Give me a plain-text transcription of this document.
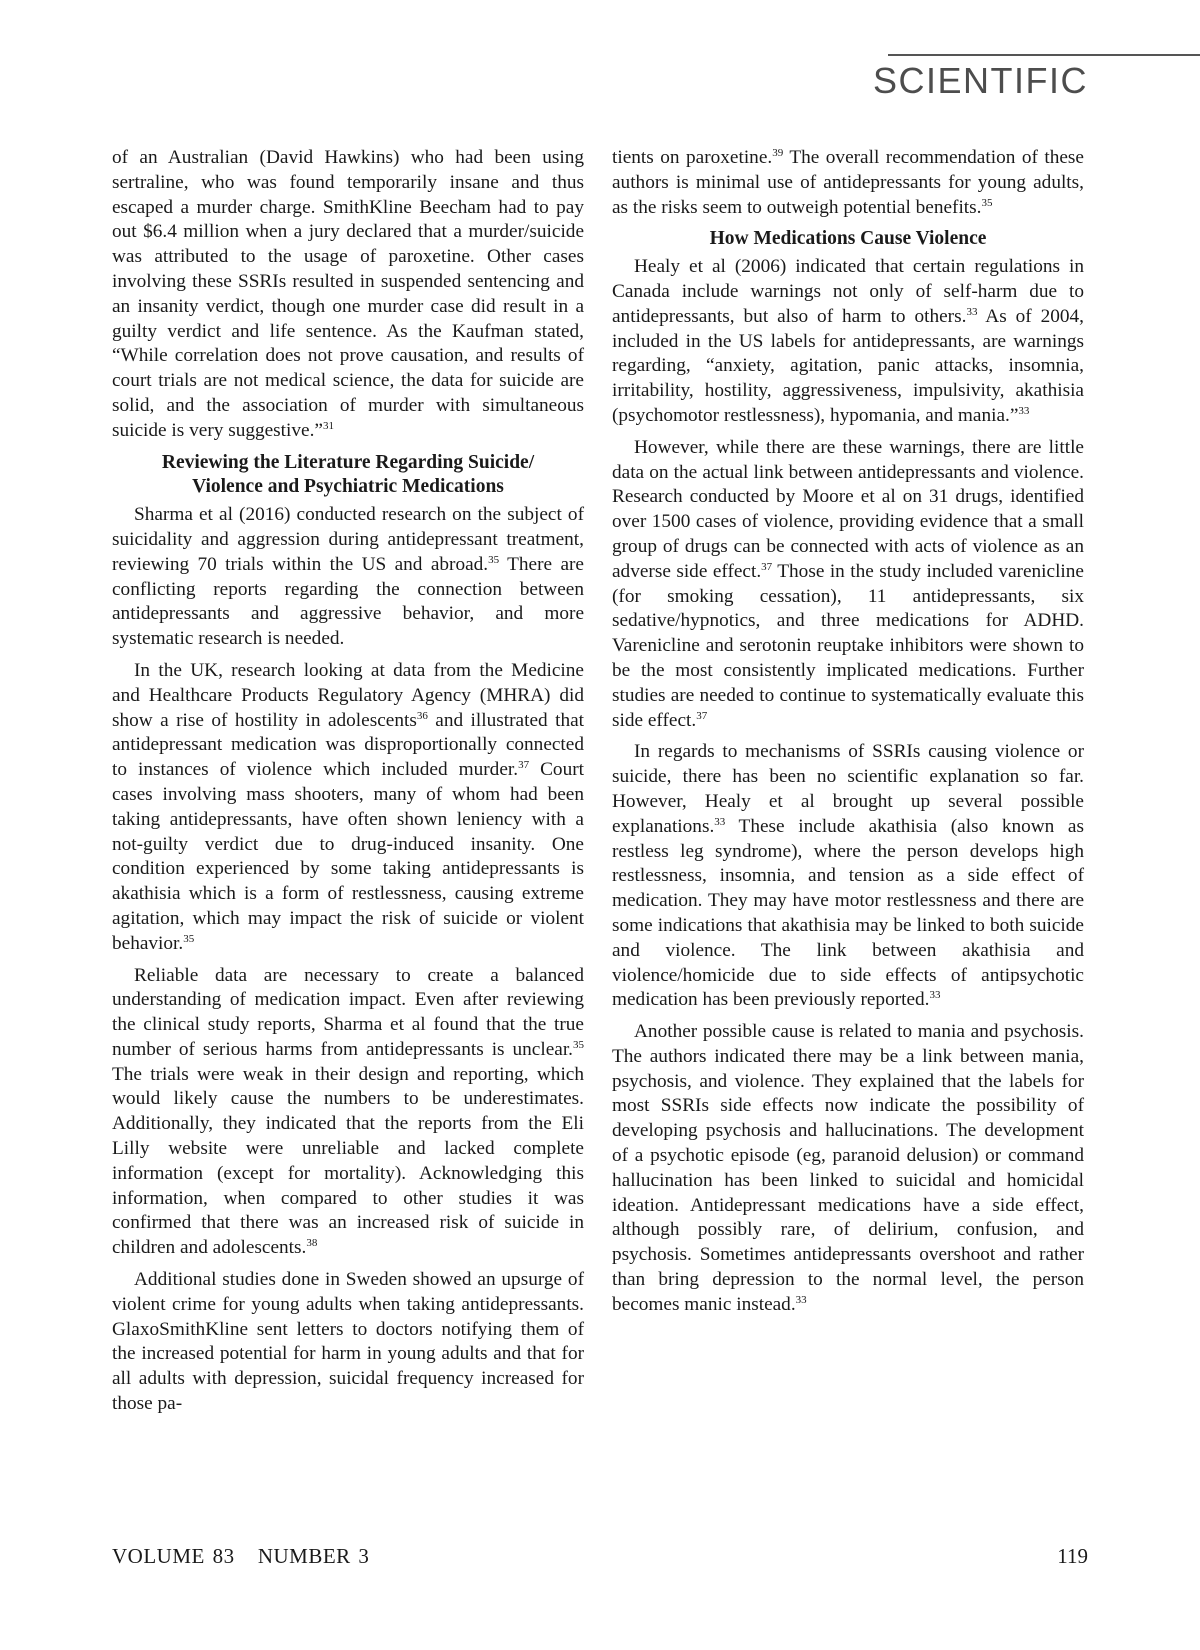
SCIENTIFIC

of an Australian (David Hawkins) who had been using sertraline, who was found temporarily insane and thus escaped a murder charge. SmithKline Beecham had to pay out $6.4 million when a jury declared that a murder/suicide was attributed to the usage of paroxetine. Other cases involving these SSRIs resulted in suspended sentencing and an insanity verdict, though one murder case did result in a guilty verdict and life sentence. As the Kaufman stated, “While correlation does not prove causation, and results of court trials are not medical science, the data for suicide are solid, and the association of murder with simultaneous suicide is very suggestive.”$^{31}$

Reviewing the Literature Regarding Suicide/
Violence and Psychiatric Medications

Sharma et al (2016) conducted research on the subject of suicidality and aggression during antidepressant treatment, reviewing 70 trials within the US and abroad.$^{35}$ There are conflicting reports regarding the connection between antidepressants and aggressive behavior, and more systematic research is needed.

In the UK, research looking at data from the Medicine and Healthcare Products Regulatory Agency (MHRA) did show a rise of hostility in adolescents$^{36}$ and illustrated that antidepressant medication was disproportionally connected to instances of violence which included murder.$^{37}$ Court cases involving mass shooters, many of whom had been taking antidepressants, have often shown leniency with a not-guilty verdict due to drug-induced insanity. One condition experienced by some taking antidepressants is akathisia which is a form of restlessness, causing extreme agitation, which may impact the risk of suicide or violent behavior.$^{35}$

Reliable data are necessary to create a balanced understanding of medication impact. Even after reviewing the clinical study reports, Sharma et al found that the true number of serious harms from antidepressants is unclear.$^{35}$ The trials were weak in their design and reporting, which would likely cause the numbers to be underestimates. Additionally, they indicated that the reports from the Eli Lilly website were unreliable and lacked complete information (except for mortality). Acknowledging this information, when compared to other studies it was confirmed that there was an increased risk of suicide in children and adolescents.$^{38}$

Additional studies done in Sweden showed an upsurge of violent crime for young adults when taking antidepressants. GlaxoSmithKline sent letters to doctors notifying them of the increased potential for harm in young adults and that for all adults with depression, suicidal frequency increased for those pa-

tients on paroxetine.$^{39}$ The overall recommendation of these authors is minimal use of antidepressants for young adults, as the risks seem to outweigh potential benefits.$^{35}$

How Medications Cause Violence

Healy et al (2006) indicated that certain regulations in Canada include warnings not only of self-harm due to antidepressants, but also of harm to others.$^{33}$ As of 2004, included in the US labels for antidepressants, are warnings regarding, “anxiety, agitation, panic attacks, insomnia, irritability, hostility, aggressiveness, impulsivity, akathisia (psychomotor restlessness), hypomania, and mania.”$^{33}$

However, while there are these warnings, there are little data on the actual link between antidepressants and violence. Research conducted by Moore et al on 31 drugs, identified over 1500 cases of violence, providing evidence that a small group of drugs can be connected with acts of violence as an adverse side effect.$^{37}$ Those in the study included varenicline (for smoking cessation), 11 antidepressants, six sedative/hypnotics, and three medications for ADHD. Varenicline and serotonin reuptake inhibitors were shown to be the most consistently implicated medications. Further studies are needed to continue to systematically evaluate this side effect.$^{37}$

In regards to mechanisms of SSRIs causing violence or suicide, there has been no scientific explanation so far. However, Healy et al brought up several possible explanations.$^{33}$ These include akathisia (also known as restless leg syndrome), where the person develops high restlessness, insomnia, and tension as a side effect of medication. They may have motor restlessness and there are some indications that akathisia may be linked to both suicide and violence. The link between akathisia and violence/homicide due to side effects of antipsychotic medication has been previously reported.$^{33}$

Another possible cause is related to mania and psychosis. The authors indicated there may be a link between mania, psychosis, and violence. They explained that the labels for most SSRIs side effects now indicate the possibility of developing psychosis and hallucinations. The development of a psychotic episode (eg, paranoid delusion) or command hallucination has been linked to suicidal and homicidal ideation. Antidepressant medications have a side effect, although possibly rare, of delirium, confusion, and psychosis. Sometimes antidepressants overshoot and rather than bring depression to the normal level, the person becomes manic instead.$^{33}$

VOLUME 83 NUMBER 3	119
